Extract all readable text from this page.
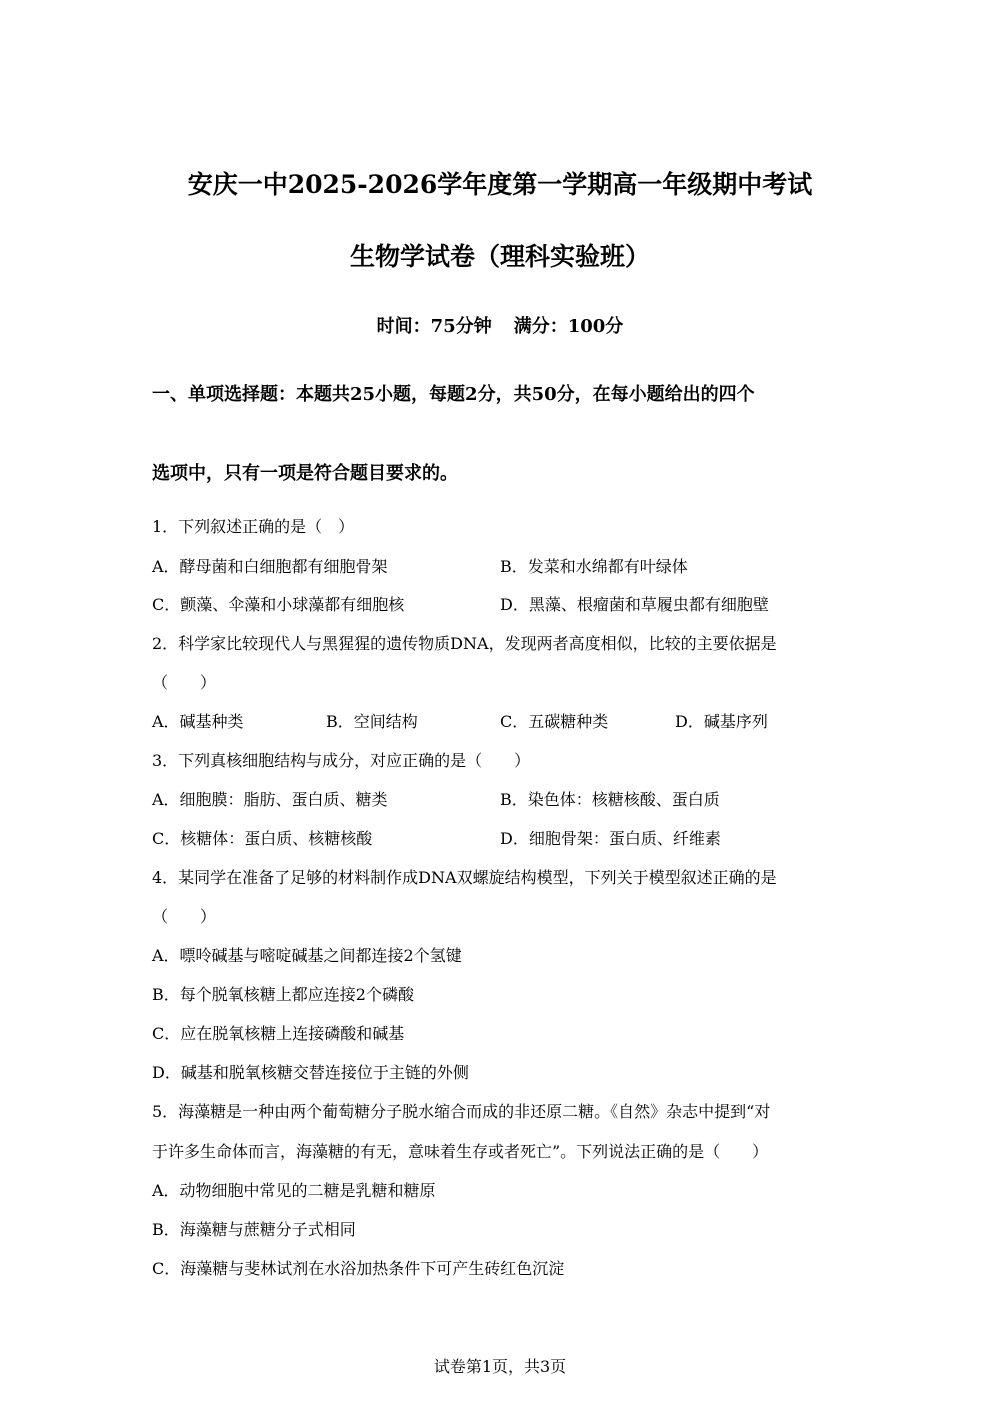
安庆一中2025-2026学年度第一学期高一年级期中考试
生物学试卷（理科实验班）
时间：75分钟 满分：100分
一、单项选择题：本题共25小题，每题2分，共50分，在每小题给出的四个
选项中，只有一项是符合题目要求的。
1．下列叙述正确的是（　）
A．酵母菌和白细胞都有细胞骨架	B．发菜和水绵都有叶绿体
C．颤藻、伞藻和小球藻都有细胞核	D．黑藻、根瘤菌和草履虫都有细胞壁
2．科学家比较现代人与黑猩猩的遗传物质DNA，发现两者高度相似，比较的主要依据是
（　　）
A．碱基种类	B．空间结构	C．五碳糖种类	D．碱基序列
3．下列真核细胞结构与成分，对应正确的是（　　）
A．细胞膜：脂肪、蛋白质、糖类	B．染色体：核糖核酸、蛋白质
C．核糖体：蛋白质、核糖核酸	D．细胞骨架：蛋白质、纤维素
4．某同学在准备了足够的材料制作成DNA双螺旋结构模型，下列关于模型叙述正确的是
（　　）
A．嘌呤碱基与嘧啶碱基之间都连接2个氢键
B．每个脱氧核糖上都应连接2个磷酸
C．应在脱氧核糖上连接磷酸和碱基
D．碱基和脱氧核糖交替连接位于主链的外侧
5．海藻糖是一种由两个葡萄糖分子脱水缩合而成的非还原二糖。《自然》杂志中提到“对
于许多生命体而言，海藻糖的有无，意味着生存或者死亡”。下列说法正确的是（　　）
A．动物细胞中常见的二糖是乳糖和糖原
B．海藻糖与蔗糖分子式相同
C．海藻糖与斐林试剂在水浴加热条件下可产生砖红色沉淀
试卷第1页，共3页
